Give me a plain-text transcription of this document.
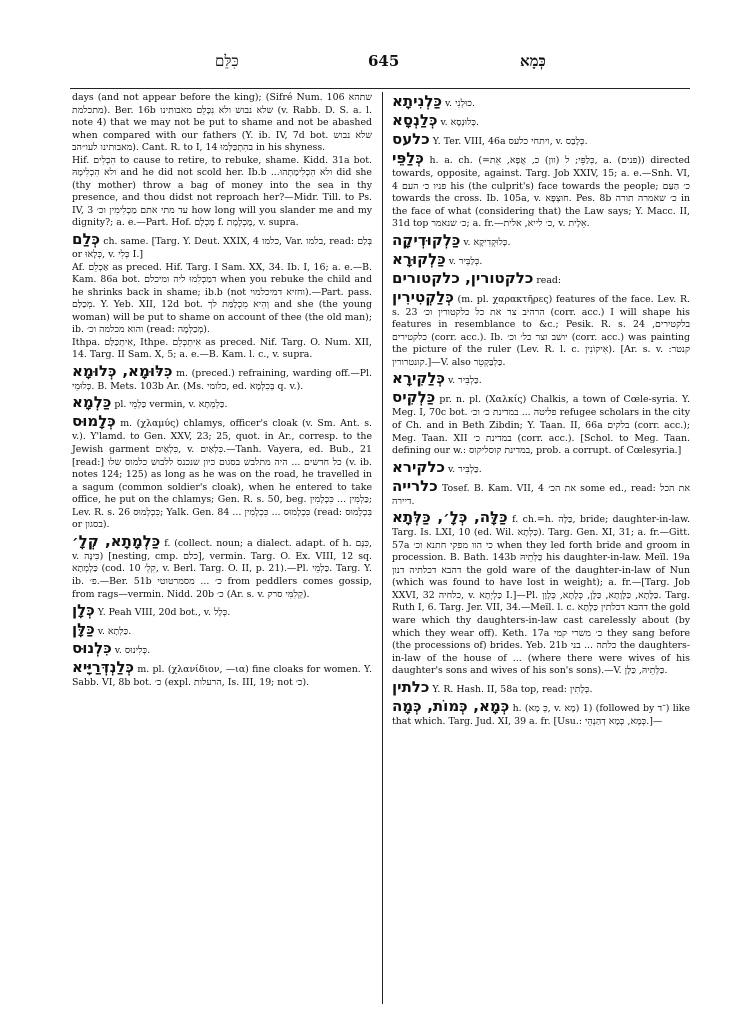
כִּלֵּם	645	כְּמָא

days (and not appear before the king); (Sifré Num. 106 שתהא מתכלמת). Ber. 16b שלא נבוש ולא נִכָּלֵם מאבותינו (v. Rabb. D. S. a. l. note 4) that we may not be put to shame and not be abashed when compared with our fathers (Y. ib. IV, 7d bot. שלא נבוש מאבותינו לעו״הב). Cant. R. to I, 14 בהִתְכַּלְּמוּ in his shyness.

Hif. הִכְלִים to cause to retire, to rebuke, shame. Kidd. 31a bot. ולא הִכְלִימָהּ and he did not scold her. Ib.b ...ולא הִכְלִימַתְהוּ did she (thy mother) throw a bag of money into the sea in thy presence, and thou didst not reproach her?—Midr. Till. to Ps. IV, 3 עד מתי אתם מַכְלִימִין וכ׳ how long will you slander me and my dignity?; a. e.—Part. Hof. מָכְלָם f. מֻכְלֶמֶת, v. supra.

כְּלַם ch. same. [Targ. Y. Deut. XXIX, 4 כלמו, Var. בלמו, read: בְּלַם or כְּלָאוּ, v. כְּלִי I.]

Af. אַכְלֵם as preced. Hif. Targ. I Sam. XX, 34. Ib. I, 16; a. e.—B. Kam. 86a bot. דמַכְלִמוּ ליה ומיכלם when you rebuke the child and he shrinks back in shame; ib.b (not וחזיא דמיכלמוי).—Part. pass. מְכַלַּם. Y. Yeb. XII, 12d bot. וְהִיא מִכְלַמַּת לך and she (the young woman) will be put to shame on account of thee (the old man); ib. והוא מכלמה וכ׳ (read: מְכַלְּמָה).

Ithpa. אִיתְכַּלַּם, Ithpe. אִיתְכְּלֵם as preced. Nif. Targ. O. Num. XII, 14. Targ. II Sam. X, 5; a. e.—B. Kam. l. c., v. supra.

כִּלּוּמָא, כְּלוּמָא m. (preced.) refraining, warding off.—Pl. כְּלוּמֵי. B. Mets. 103b Ar. (Ms. כלומי, ed. בְּכִלְּמָא q. v.).

כַּלְמָא pl. כַּלְמֵי vermin, v. כַּלְמְתָא.

כְּלָמוּס m. (χλαμύς) chlamys, officer's cloak (v. Sm. Ant. s. v.). Y'lamd. to Gen. XXV, 23; 25, quot. in Ar., corresp. to the Jewish garment כִּלְאַיִם, v. כִּלְאַיִם.—Tanh. Vayera, ed. Bub., 21 [read:] כל חדשים ... היה מתלבש בסגום כיון שנכנס ללבוש כלמוס שלו (v. ib. notes 124; 125) as long as he was on the road, he travelled in a sagum (common soldier's cloak), when he entered to take office, he put on the chlamys; Gen. R. s. 50, beg. כַּלְמִין ... כִּכְלָמִין; Lev. R. s. 26 כִּכְלָמוּס; Yalk. Gen. 84 ... כִּכְלָמוּס ... כִּכְלָמִין (read: בִּכְלָמוּס or בסגון).

כַּלְמָתָא, קְלָ׳ f. (collect. noun; a dialect. adapt. of h. כִּנָּם, v. כִּינָּה) [nesting, cmp. כלם], vermin. Targ. O. Ex. VIII, 12 sq. כַּלְמְתָא (cod. 10 קִלְ׳, v. Berl. Targ. O. II, p. 21).—Pl. כַּלְמֵי. Targ. Y. ib. פ׳.—Ber. 51b כ׳ ... מסמרטוטי from peddlers comes gossip, from rags—vermin. Nidd. 20b כ׳ (Ar. s. v. קְלִמִּי סרק).

כְּלָן Y. Peah VIII, 20d bot., v. כְּלָל.

כַּלָּן v. כַּלְּתָא.

כִּלְנוּס v. כְּלִינוּס.

כְּלַנְדְּרַיָּיא m. pl. (χλανίδιον, —ια) fine cloaks for women. Y. Sabb. VI, 8b bot. כ׳ (expl. הרעלות, Is. III, 19; not כ׳).

כַּלְנִיתָא v. כוּלְנִי.

כְּלַנְסָא v. כְּלוּנְסָא.

כלעס Y. Ter. VIII, 46a ויתחי כלעס, v. כְּלָבַס.

כְּלַפֵּי h. a. ch. (=כְּלַפֵּי; ל (וון) כ, אֲפָא, אֵת, a. (פנים)) directed towards, opposite, against. Targ. Job XXIV, 15; a. e.—Snh. VI, 4 פניו כ׳ העם his (the culprit's) face towards the people; כ׳ הַעַּם towards the cross. Ib. 105a, v. חוּצְפָּא. Pes. 8b כ׳ שאמרה תורה in the face of what (considering that) the Law says; Y. Macc. II, 31d top כ׳ שנאמר; a. fr.—כ׳ לייא, אלית, v. אֵלָית.

כַּלְקוּדְיקָה v. כְּלוּקְדִיקָא.

כַּלְקוּרָא v. כְּלַבְּיר.

כלקטורין, כלקטורים read:

כְּלַקְטִירִין (m. pl. χαρακτῆρες) features of the face. Lev. R. s. 23 הרהיב צר את כל כלקטורין וכ׳ (corr. acc.) I will shape his features in resemblance to &c.; Pesik. R. s. 24 בלקטירים, כלקטירים (corr. acc.). Ib. יושב וצר כל׳ וכ׳ (corr. acc.) was painting the picture of the ruler (Lev. R. l. c. אִיקוֹנִין). [Ar. s. v. קנטר: קונטרורין.]—V. also כַּלְבַּקְטֵר.

כְּלַקִירָא v. כַּלְבִּיר.

כַּלְקִיס pr. n. pl. (Χαλκίς) Chalkis, a town of Cœle-syria. Y. Meg. I, 70c bot. פליטה ... במדינת כ׳ וכ׳ refugee scholars in the city of Ch. and in Beth Zibdin; Y. Taan. II, 66a בלקים (corr. acc.); Meg. Taan. XII במדינת כ׳ (corr. acc.). [Schol. to Meg. Taan. defining our w.: במדינת קוסליקוס, prob. a corrupt. of Cœlesyria.]

כלקירא v. כַּלְבִּיר.

כלרייה Tosef. B. Kam. VII, 4 את הכ׳ some ed., read: את הכל דיירה.

כַּלָּה, כְּלָ׳, כַּלְּתָא f. ch.=h. כַּלָּה, bride; daughter-in-law. Targ. Is. LXI, 10 (ed. Wil. כַּלְּתָא). Targ. Gen. XI, 31; a. fr.—Gitt. 57a כי הוו מפקי חתנא וכ׳ when they led forth bride and groom in procession. B. Bath. 143b כַּלְּתֵיהּ his daughter-in-law. Meïl. 19a דהבא דכלתיה דנון the gold ware of the daughter-in-law of Nun (which was found to have lost in weight); a. fr.—[Targ. Job XXVI, 32 כלחיה, v. כַּלְיְתָא I.]—Pl. כַּלָּתָא, כַּלָּוָתָא, כַּלָּן, כְּלָתָא, כְּלָוָן. Targ. Ruth I, 6. Targ. Jer. VII, 34.—Meïl. l. c. דהבא דכלתין כַּלָּתָא the gold ware which thy daughters-in-law cast carelessly about (by which they wear off). Keth. 17a כ׳ משרי קמי they sang before (the processions of) brides. Yeb. 21b כלתה ... בני the daughters-in-law of the house of ... (where there were wives of his daughter's sons and wives of his son's sons).—V. כַּלְּתֵיהּ, כַּלָּן.

כלתין Y. R. Hash. II, 58a top, read: כְּלָתִין.

כְּמָא, כְּמוֹת, כְּמָה h. (כְּ מָא, v. מָא) 1) (followed by ־ד) like that which. Targ. Jud. XI, 39 a. fr. [Usu.: כְּמָא, כְּמָא דְהַנְהֵי.]—
